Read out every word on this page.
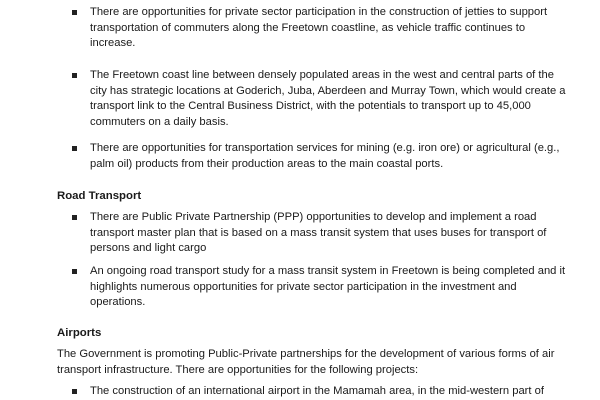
There are opportunities for private sector participation in the construction of jetties to support transportation of commuters along the Freetown coastline, as vehicle traffic continues to increase.
The Freetown coast line between densely populated areas in the west and central parts of the city has strategic locations at Goderich, Juba, Aberdeen and Murray Town, which would create a transport link to the Central Business District, with the potentials to transport up to 45,000 commuters on a daily basis.
There are opportunities for transportation services for mining (e.g. iron ore) or agricultural (e.g., palm oil) products from their production areas to the main coastal ports.
Road Transport
There are Public Private Partnership (PPP) opportunities to develop and implement a road transport master plan that is based on a mass transit system that uses buses for transport of persons and light cargo
An ongoing road transport study for a mass transit system in Freetown is being completed and it highlights numerous opportunities for private sector participation in the investment and operations.
Airports
The Government is promoting Public-Private partnerships for the development of various forms of air transport infrastructure. There are opportunities for the following projects:
The construction of an international airport in the Mamamah area, in the mid-western part of
